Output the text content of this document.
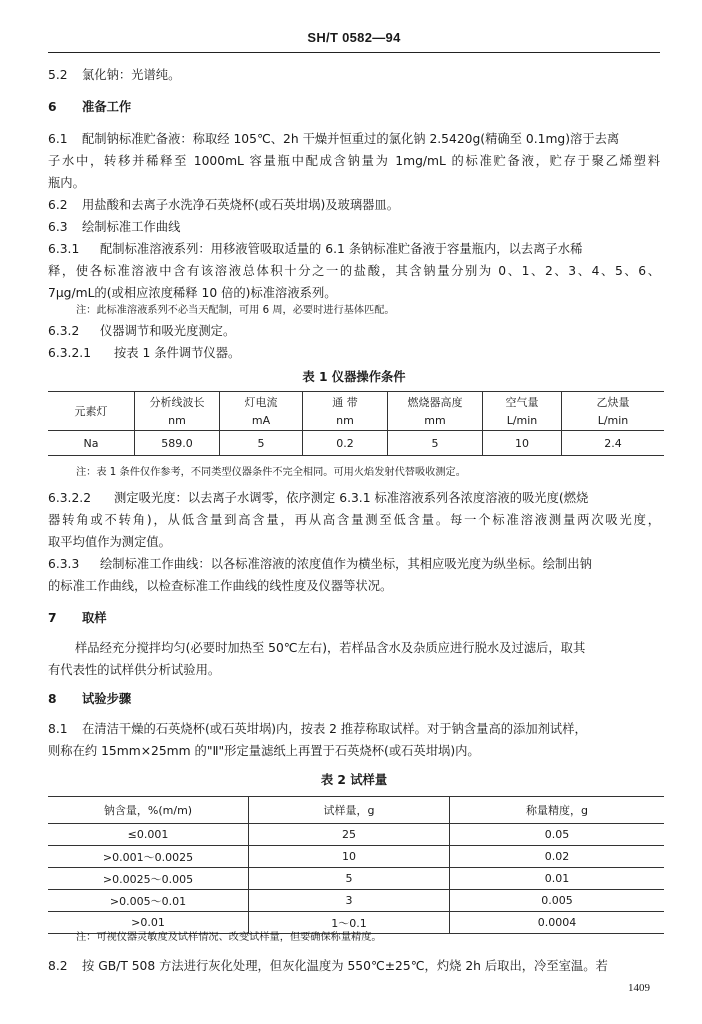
SH/T 0582—94

5.2 氯化钠：光谱纯。

6 准备工作

6.1 配制钠标准贮备液：称取经 105℃、2h 干燥并恒重过的氯化钠 2.5420g(精确至 0.1mg)溶于去离

子水中，转移并稀释至 1000mL 容量瓶中配成含钠量为 1mg/mL 的标准贮备液，贮存于聚乙烯塑料

瓶内。

6.2 用盐酸和去离子水洗净石英烧杯(或石英坩埚)及玻璃器皿。

6.3 绘制标准工作曲线

6.3.1 配制标准溶液系列：用移液管吸取适量的 6.1 条钠标准贮备液于容量瓶内，以去离子水稀

释，使各标准溶液中含有该溶液总体积十分之一的盐酸，其含钠量分别为 0、1、2、3、4、5、6、

7μg/mL的(或相应浓度稀释 10 倍的)标准溶液系列。

注：此标准溶液系列不必当天配制，可用 6 周，必要时进行基体匹配。

6.3.2 仪器调节和吸光度测定。

6.3.2.1 按表 1 条件调节仪器。

表 1 仪器操作条件
元素灯	分析线波长	灯电流	通 带	燃烧器高度	空气量	乙炔量
	nm	mA	nm	mm	L/min	L/min
Na	589.0	5	0.2	5	10	2.4

注：表 1 条件仅作参考，不同类型仪器条件不完全相同。可用火焰发射代替吸收测定。

6.3.2.2 测定吸光度：以去离子水调零，依序测定 6.3.1 标准溶液系列各浓度溶液的吸光度(燃烧

器转角或不转角)，从低含量到高含量，再从高含量测至低含量。每一个标准溶液测量两次吸光度，

取平均值作为测定值。

6.3.3 绘制标准工作曲线：以各标准溶液的浓度值作为横坐标，其相应吸光度为纵坐标。绘制出钠

的标准工作曲线，以检查标准工作曲线的线性度及仪器等状况。

7 取样

样品经充分搅拌均匀(必要时加热至 50℃左右)，若样品含水及杂质应进行脱水及过滤后，取其

有代表性的试样供分析试验用。

8 试验步骤

8.1 在清洁干燥的石英烧杯(或石英坩埚)内，按表 2 推荐称取试样。对于钠含量高的添加剂试样，

则称在约 15mm×25mm 的"Ⅱ"形定量滤纸上再置于石英烧杯(或石英坩埚)内。

表 2 试样量
钠含量，%(m/m)	试样量，g	称量精度，g
≤0.001	25	0.05
>0.001～0.0025	10	0.02
>0.0025～0.005	5	0.01
>0.005～0.01	3	0.005
>0.01	1～0.1	0.0004

注：可视仪器灵敏度及试样情况、改变试样量，但要确保称量精度。

8.2 按 GB/T 508 方法进行灰化处理，但灰化温度为 550℃±25℃，灼烧 2h 后取出，冷至室温。若

1409
